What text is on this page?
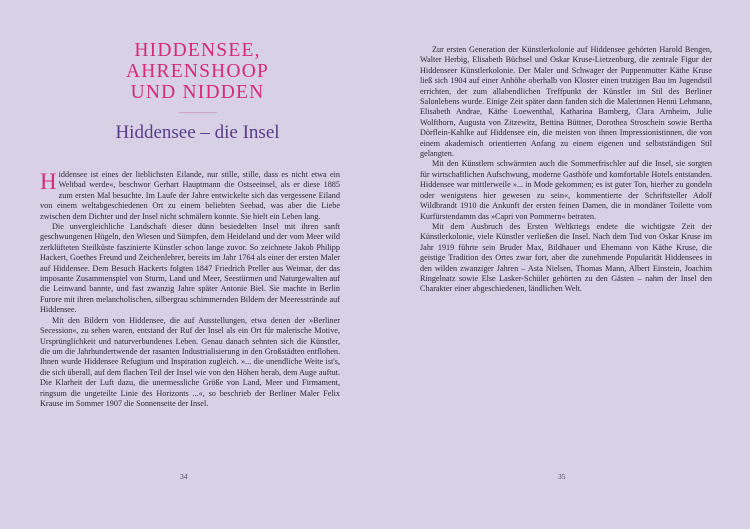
HIDDENSEE,
AHRENSHOOP
UND NIDDEN
Hiddensee – die Insel

Hiddensee ist eines der lieblichsten Eilande, nur stille, stille, dass es nicht etwa ein Weltbad werde«, beschwor Gerhart Hauptmann die Ostseeinsel, als er diese 1885 zum ersten Mal besuchte. Im Laufe der Jahre entwickelte sich das vergessene Eiland von einem weltabgeschiedenen Ort zu einem beliebten Seebad, was aber die Liebe zwischen dem Dichter und der Insel nicht schmälern konnte. Sie hielt ein Leben lang.

Die unvergleichliche Landschaft dieser dünn besiedelten Insel mit ihren sanft geschwungenen Hügeln, den Wiesen und Sümpfen, dem Heideland und der vom Meer wild zerklüfteten Steilküste faszinierte Künstler schon lange zuvor. So zeichnete Jakob Philipp Hackert, Goethes Freund und Zeichenlehrer, bereits im Jahr 1764 als einer der ersten Maler auf Hiddensee. Dem Besuch Hackerts folgten 1847 Friedrich Preller aus Weimar, der das imposante Zusammenspiel von Sturm, Land und Meer, Seestürmen und Naturgewalten auf die Leinwand bannte, und fast zwanzig Jahre später Antonie Biel. Sie machte in Berlin Furore mit ihren melancholischen, silbergrau schimmernden Bildern der Meeresstrände auf Hiddensee.

Mit den Bildern von Hiddensee, die auf Ausstellungen, etwa denen der »Berliner Secession«, zu sehen waren, entstand der Ruf der Insel als ein Ort für malerische Motive, Ursprünglichkeit und naturverbundenes Leben. Genau danach sehnten sich die Künstler, die um die Jahrhundertwende der rasanten Industrialisierung in den Großstädten entflohen. Ihnen wurde Hiddensee Refugium und Inspiration zugleich. »... die unendliche Weite ist's, die sich überall, auf dem flachen Teil der Insel wie von den Höhen herab, dem Auge auftut. Die Klarheit der Luft dazu, die unermessliche Größe von Land, Meer und Firmament, ringsum die ungeteilte Linie des Horizonts ...«, so beschrieb der Berliner Maler Felix Krause im Sommer 1907 die Sonnenseite der Insel.

34

Zur ersten Generation der Künstlerkolonie auf Hiddensee gehörten Harold Bengen, Walter Herbig, Elisabeth Büchsel und Oskar Kruse-Lietzenburg, die zentrale Figur der Hiddenseer Künstlerkolonie. Der Maler und Schwager der Puppenmutter Käthe Kruse ließ sich 1904 auf einer Anhöhe oberhalb von Kloster einen trutzigen Bau im Jugendstil errichten, der zum allabendlichen Treffpunkt der Künstler im Stil des Berliner Salonlebens wurde. Einige Zeit später dann fanden sich die Malerinnen Henni Lehmann, Elisabeth Andrae, Käthe Loewenthal, Katharina Bamberg, Clara Arnheim, Julie Wolfthorn, Augusta von Zitzewitz, Bettina Büttner, Dorothea Stroschein sowie Bertha Dörflein-Kahlke auf Hiddensee ein, die meisten von ihnen Impressionistinnen, die von einem akademisch orientierten Anfang zu einem eigenen und selbstständigen Stil gelangten.

Mit den Künstlern schwärmten auch die Sommerfrischler auf die Insel, sie sorgten für wirtschaftlichen Aufschwung, moderne Gasthöfe und komfortable Hotels entstanden. Hiddensee war mittlerweile »... in Mode gekommen; es ist guter Ton, hierher zu gondeln oder wenigstens hier gewesen zu sein«, kommentierte der Schriftsteller Adolf Wildbrandt 1910 die Ankunft der ersten feinen Damen, die in mondäner Toilette vom Kurfürstendamm das »Capri von Pommern« betraten.

Mit dem Ausbruch des Ersten Weltkriegs endete die wichtigste Zeit der Künstlerkolonie, viele Künstler verließen die Insel. Nach dem Tod von Oskar Kruse im Jahr 1919 führte sein Bruder Max, Bildhauer und Ehemann von Käthe Kruse, die geistige Tradition des Ortes zwar fort, aber die zunehmende Popularität Hiddensees in den wilden zwanziger Jahren – Asta Nielsen, Thomas Mann, Albert Einstein, Joachim Ringelnatz sowie Else Lasker-Schüler gehörten zu den Gästen – nahm der Insel den Charakter einer abgeschiedenen, ländlichen Welt.

35
